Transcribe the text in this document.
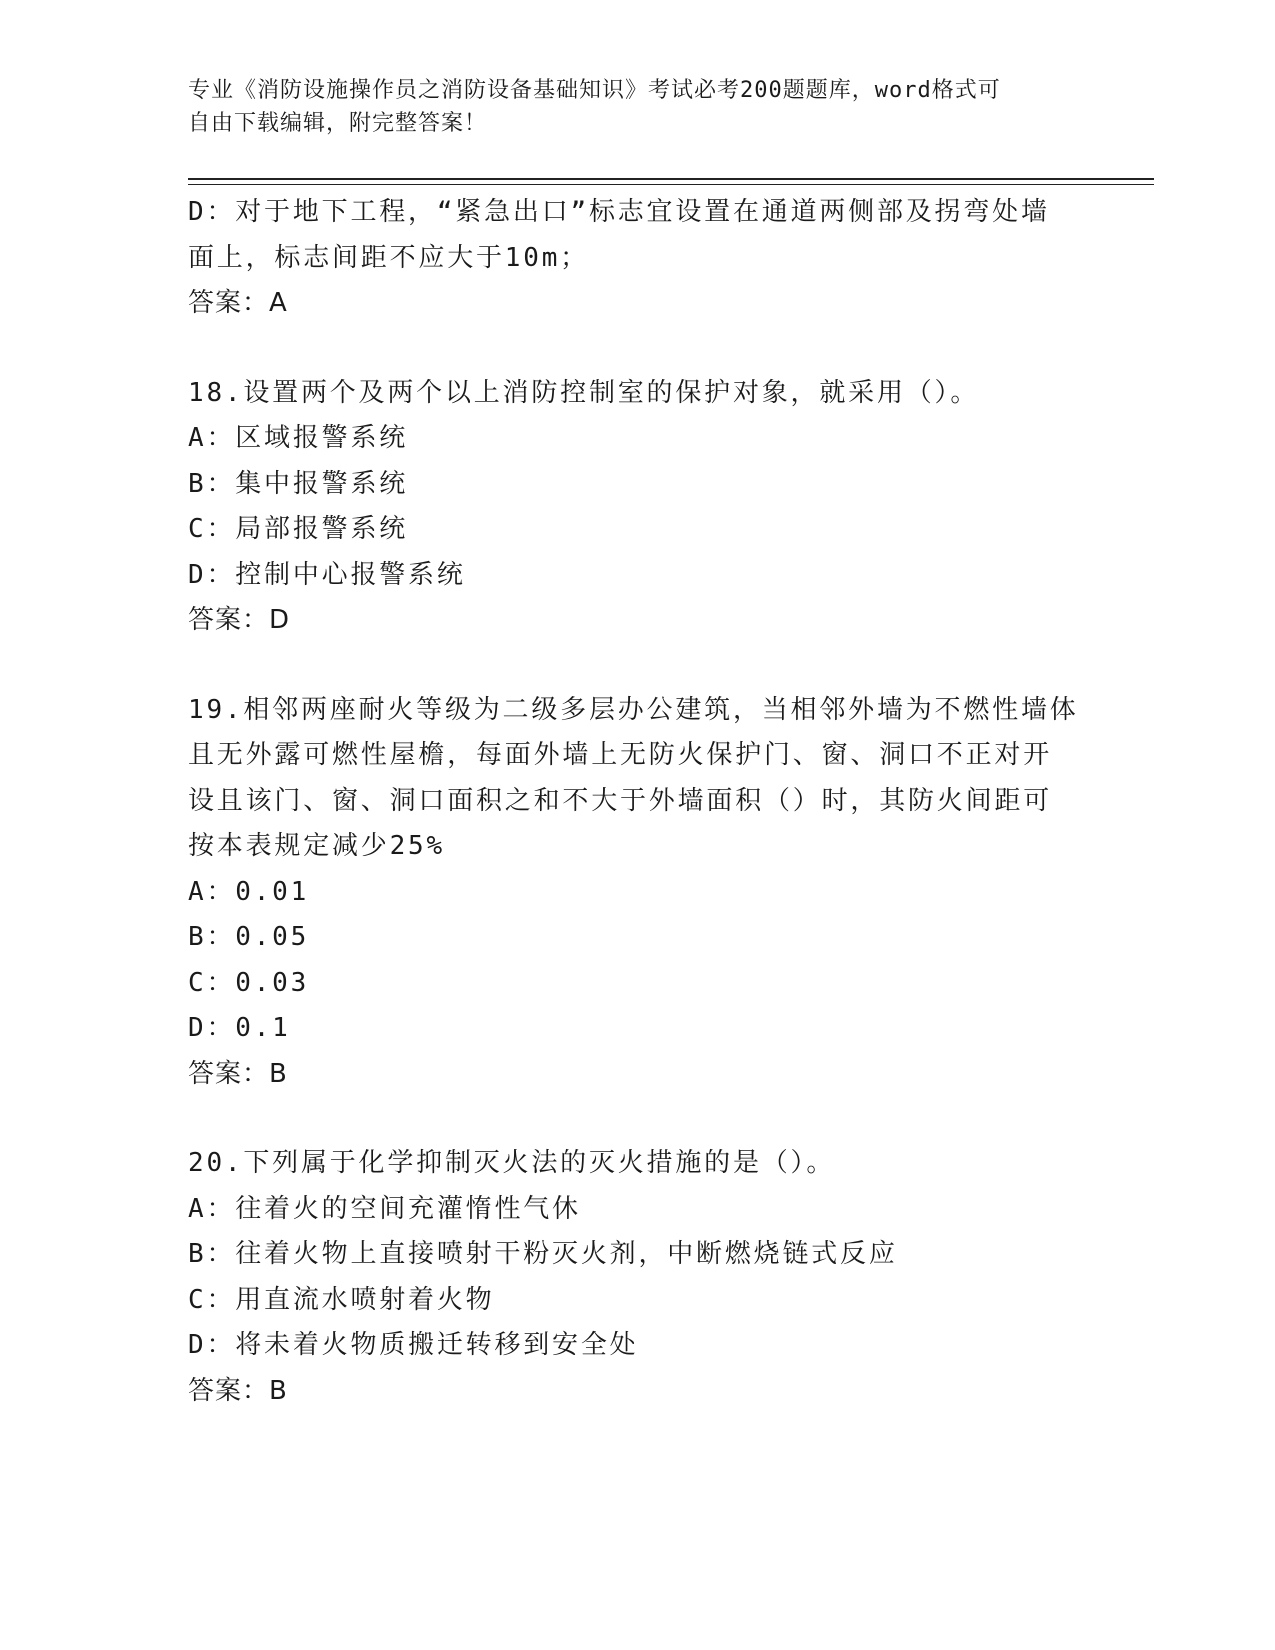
专业《消防设施操作员之消防设备基础知识》考试必考200题题库，word格式可
自由下载编辑，附完整答案！
D：对于地下工程，“紧急出口”标志宜设置在通道两侧部及拐弯处墙
面上，标志间距不应大于10m；
答案：A
18.设置两个及两个以上消防控制室的保护对象，就采用（）。
A：区域报警系统
B：集中报警系统
C：局部报警系统
D：控制中心报警系统
答案：D
19.相邻两座耐火等级为二级多层办公建筑，当相邻外墙为不燃性墙体
且无外露可燃性屋檐，每面外墙上无防火保护门、窗、洞口不正对开
设且该门、窗、洞口面积之和不大于外墙面积（）时，其防火间距可
按本表规定减少25%
A：0.01
B：0.05
C：0.03
D：0.1
答案：B
20.下列属于化学抑制灭火法的灭火措施的是（）。
A：往着火的空间充灌惰性气休
B：往着火物上直接喷射干粉灭火剂，中断燃烧链式反应
C：用直流水喷射着火物
D：将未着火物质搬迁转移到安全处
答案：B
